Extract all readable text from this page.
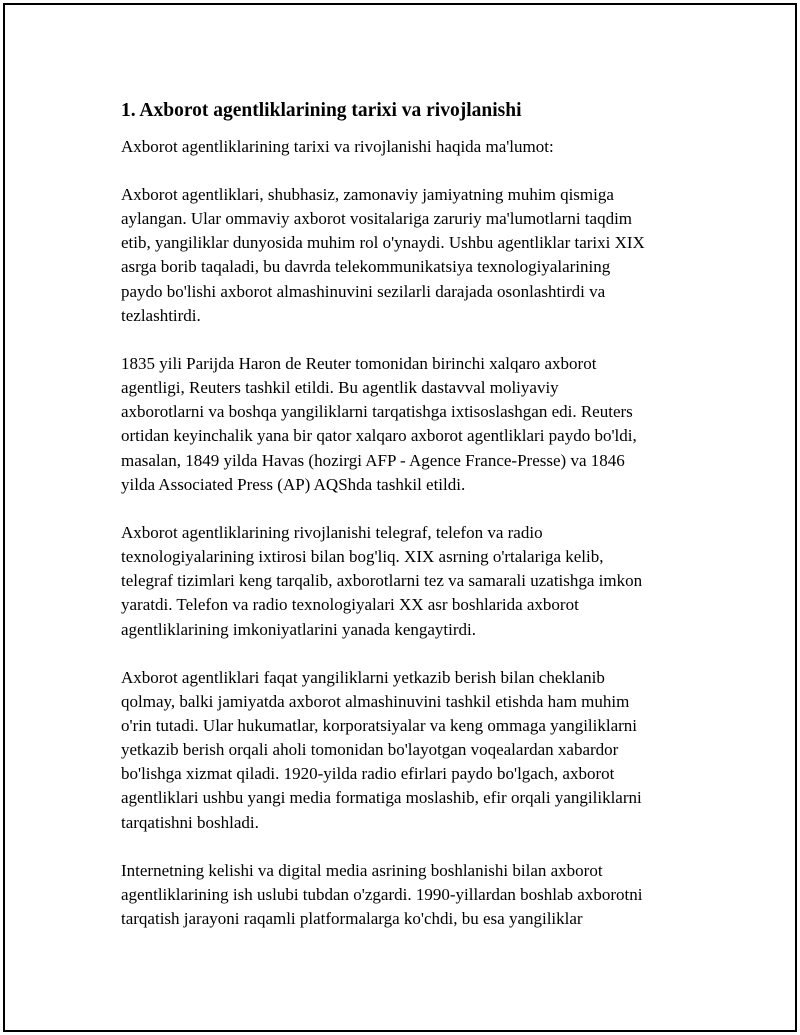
1. Axborot agentliklarining tarixi va rivojlanishi

Axborot agentliklarining tarixi va rivojlanishi haqida ma'lumot:

Axborot agentliklari, shubhasiz, zamonaviy jamiyatning muhim qismiga
aylangan. Ular ommaviy axborot vositalariga zaruriy ma'lumotlarni taqdim
etib, yangiliklar dunyosida muhim rol o'ynaydi. Ushbu agentliklar tarixi XIX
asrga borib taqaladi, bu davrda telekommunikatsiya texnologiyalarining
paydo bo'lishi axborot almashinuvini sezilarli darajada osonlashtirdi va
tezlashtirdi.

1835 yili Parijda Haron de Reuter tomonidan birinchi xalqaro axborot
agentligi, Reuters tashkil etildi. Bu agentlik dastavval moliyaviy
axborotlarni va boshqa yangiliklarni tarqatishga ixtisoslashgan edi. Reuters
ortidan keyinchalik yana bir qator xalqaro axborot agentliklari paydo bo'ldi,
masalan, 1849 yilda Havas (hozirgi AFP - Agence France-Presse) va 1846
yilda Associated Press (AP) AQShda tashkil etildi.

Axborot agentliklarining rivojlanishi telegraf, telefon va radio
texnologiyalarining ixtirosi bilan bog'liq. XIX asrning o'rtalariga kelib,
telegraf tizimlari keng tarqalib, axborotlarni tez va samarali uzatishga imkon
yaratdi. Telefon va radio texnologiyalari XX asr boshlarida axborot
agentliklarining imkoniyatlarini yanada kengaytirdi.

Axborot agentliklari faqat yangiliklarni yetkazib berish bilan cheklanib
qolmay, balki jamiyatda axborot almashinuvini tashkil etishda ham muhim
o'rin tutadi. Ular hukumatlar, korporatsiyalar va keng ommaga yangiliklarni
yetkazib berish orqali aholi tomonidan bo'layotgan voqealardan xabardor
bo'lishga xizmat qiladi. 1920-yilda radio efirlari paydo bo'lgach, axborot
agentliklari ushbu yangi media formatiga moslashib, efir orqali yangiliklarni
tarqatishni boshladi.

Internetning kelishi va digital media asrining boshlanishi bilan axborot
agentliklarining ish uslubi tubdan o'zgardi. 1990-yillardan boshlab axborotni
tarqatish jarayoni raqamli platformalarga ko'chdi, bu esa yangiliklar
